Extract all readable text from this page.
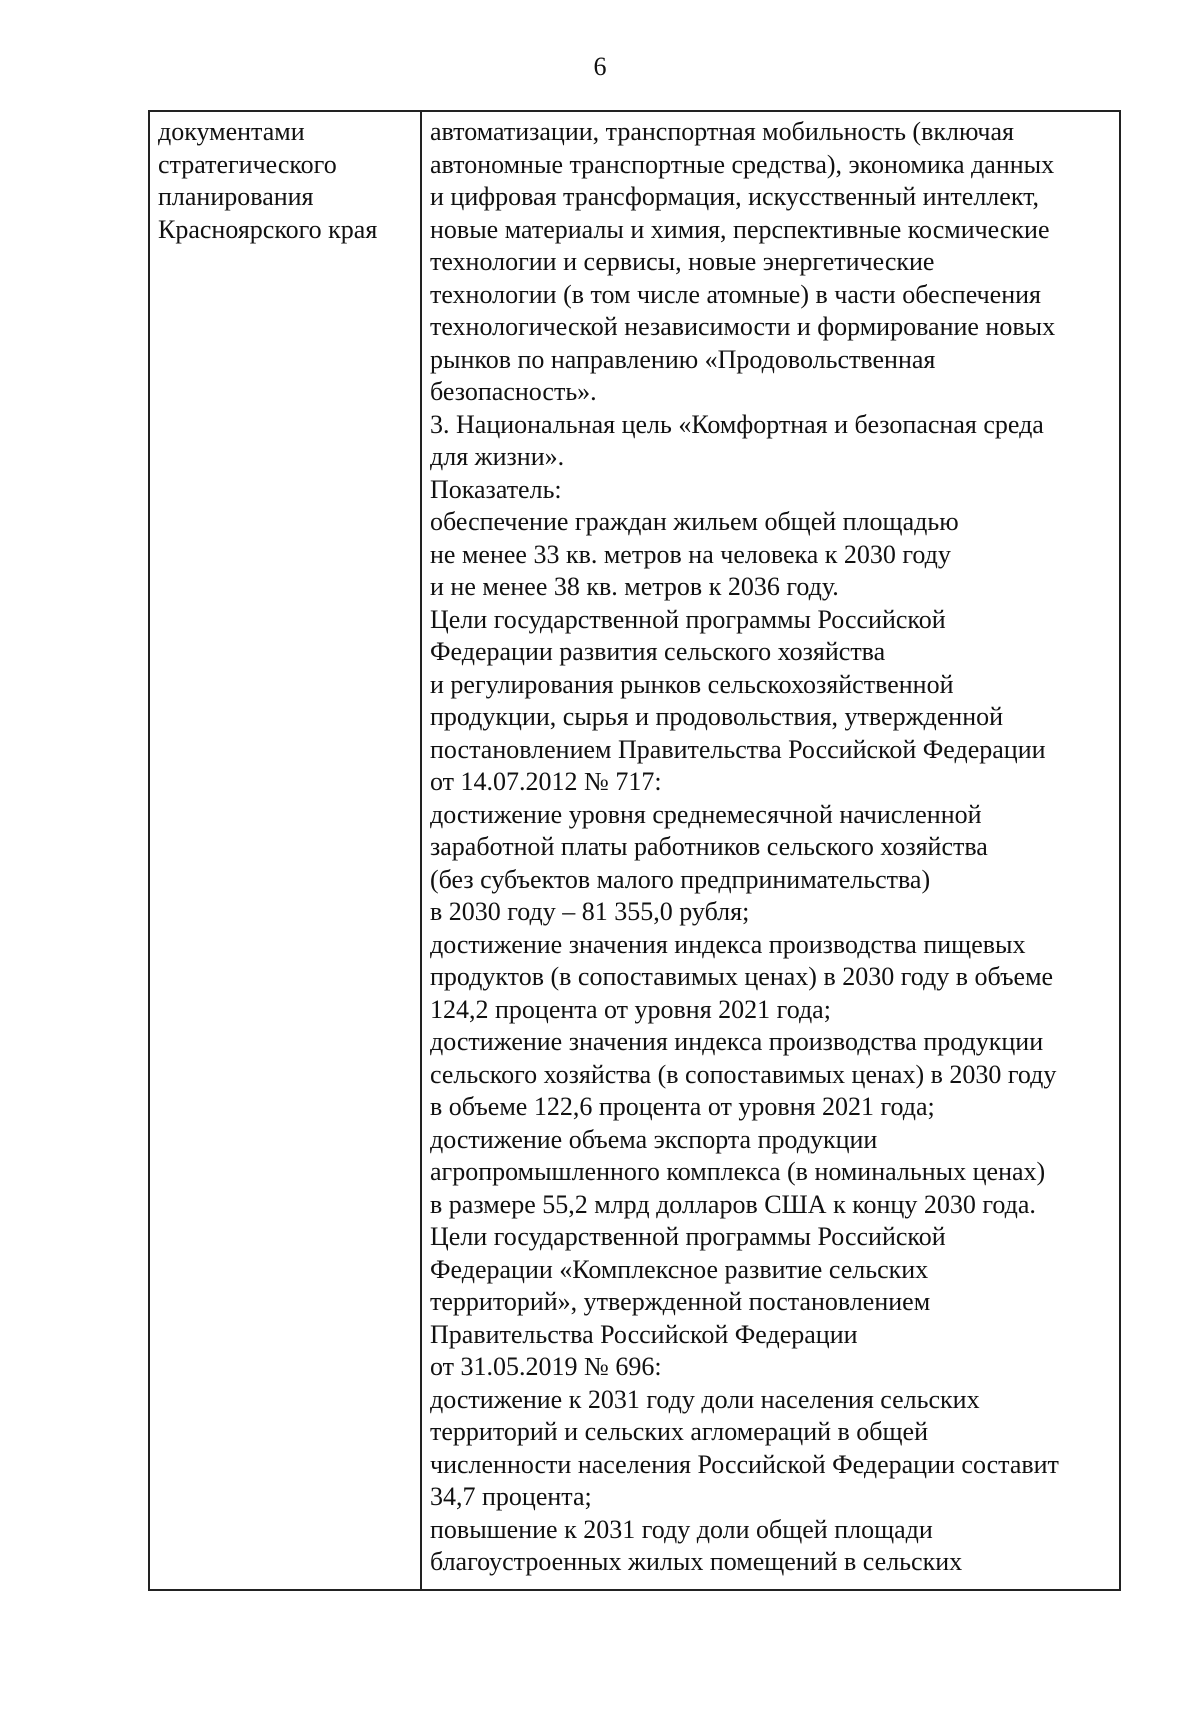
6
документами
стратегического
планирования
Красноярского края
автоматизации, транспортная мобильность (включая
автономные транспортные средства), экономика данных
и цифровая трансформация, искусственный интеллект,
новые материалы и химия, перспективные космические
технологии и сервисы, новые энергетические
технологии (в том числе атомные) в части обеспечения
технологической независимости и формирование новых
рынков по направлению «Продовольственная
безопасность».
3. Национальная цель «Комфортная и безопасная среда
для жизни».
Показатель:
обеспечение граждан жильем общей площадью
не менее 33 кв. метров на человека к 2030 году
и не менее 38 кв. метров к 2036 году.
Цели государственной программы Российской
Федерации развития сельского хозяйства
и регулирования рынков сельскохозяйственной
продукции, сырья и продовольствия, утвержденной
постановлением Правительства Российской Федерации
от 14.07.2012 № 717:
достижение уровня среднемесячной начисленной
заработной платы работников сельского хозяйства
(без субъектов малого предпринимательства)
в 2030 году – 81 355,0 рубля;
достижение значения индекса производства пищевых
продуктов (в сопоставимых ценах) в 2030 году в объеме
124,2 процента от уровня 2021 года;
достижение значения индекса производства продукции
сельского хозяйства (в сопоставимых ценах) в 2030 году
в объеме 122,6 процента от уровня 2021 года;
достижение объема экспорта продукции
агропромышленного комплекса (в номинальных ценах)
в размере 55,2 млрд долларов США к концу 2030 года.
Цели государственной программы Российской
Федерации «Комплексное развитие сельских
территорий», утвержденной постановлением
Правительства Российской Федерации
от 31.05.2019 № 696:
достижение к 2031 году доли населения сельских
территорий и сельских агломераций в общей
численности населения Российской Федерации составит
34,7 процента;
повышение к 2031 году доли общей площади
благоустроенных жилых помещений в сельских
